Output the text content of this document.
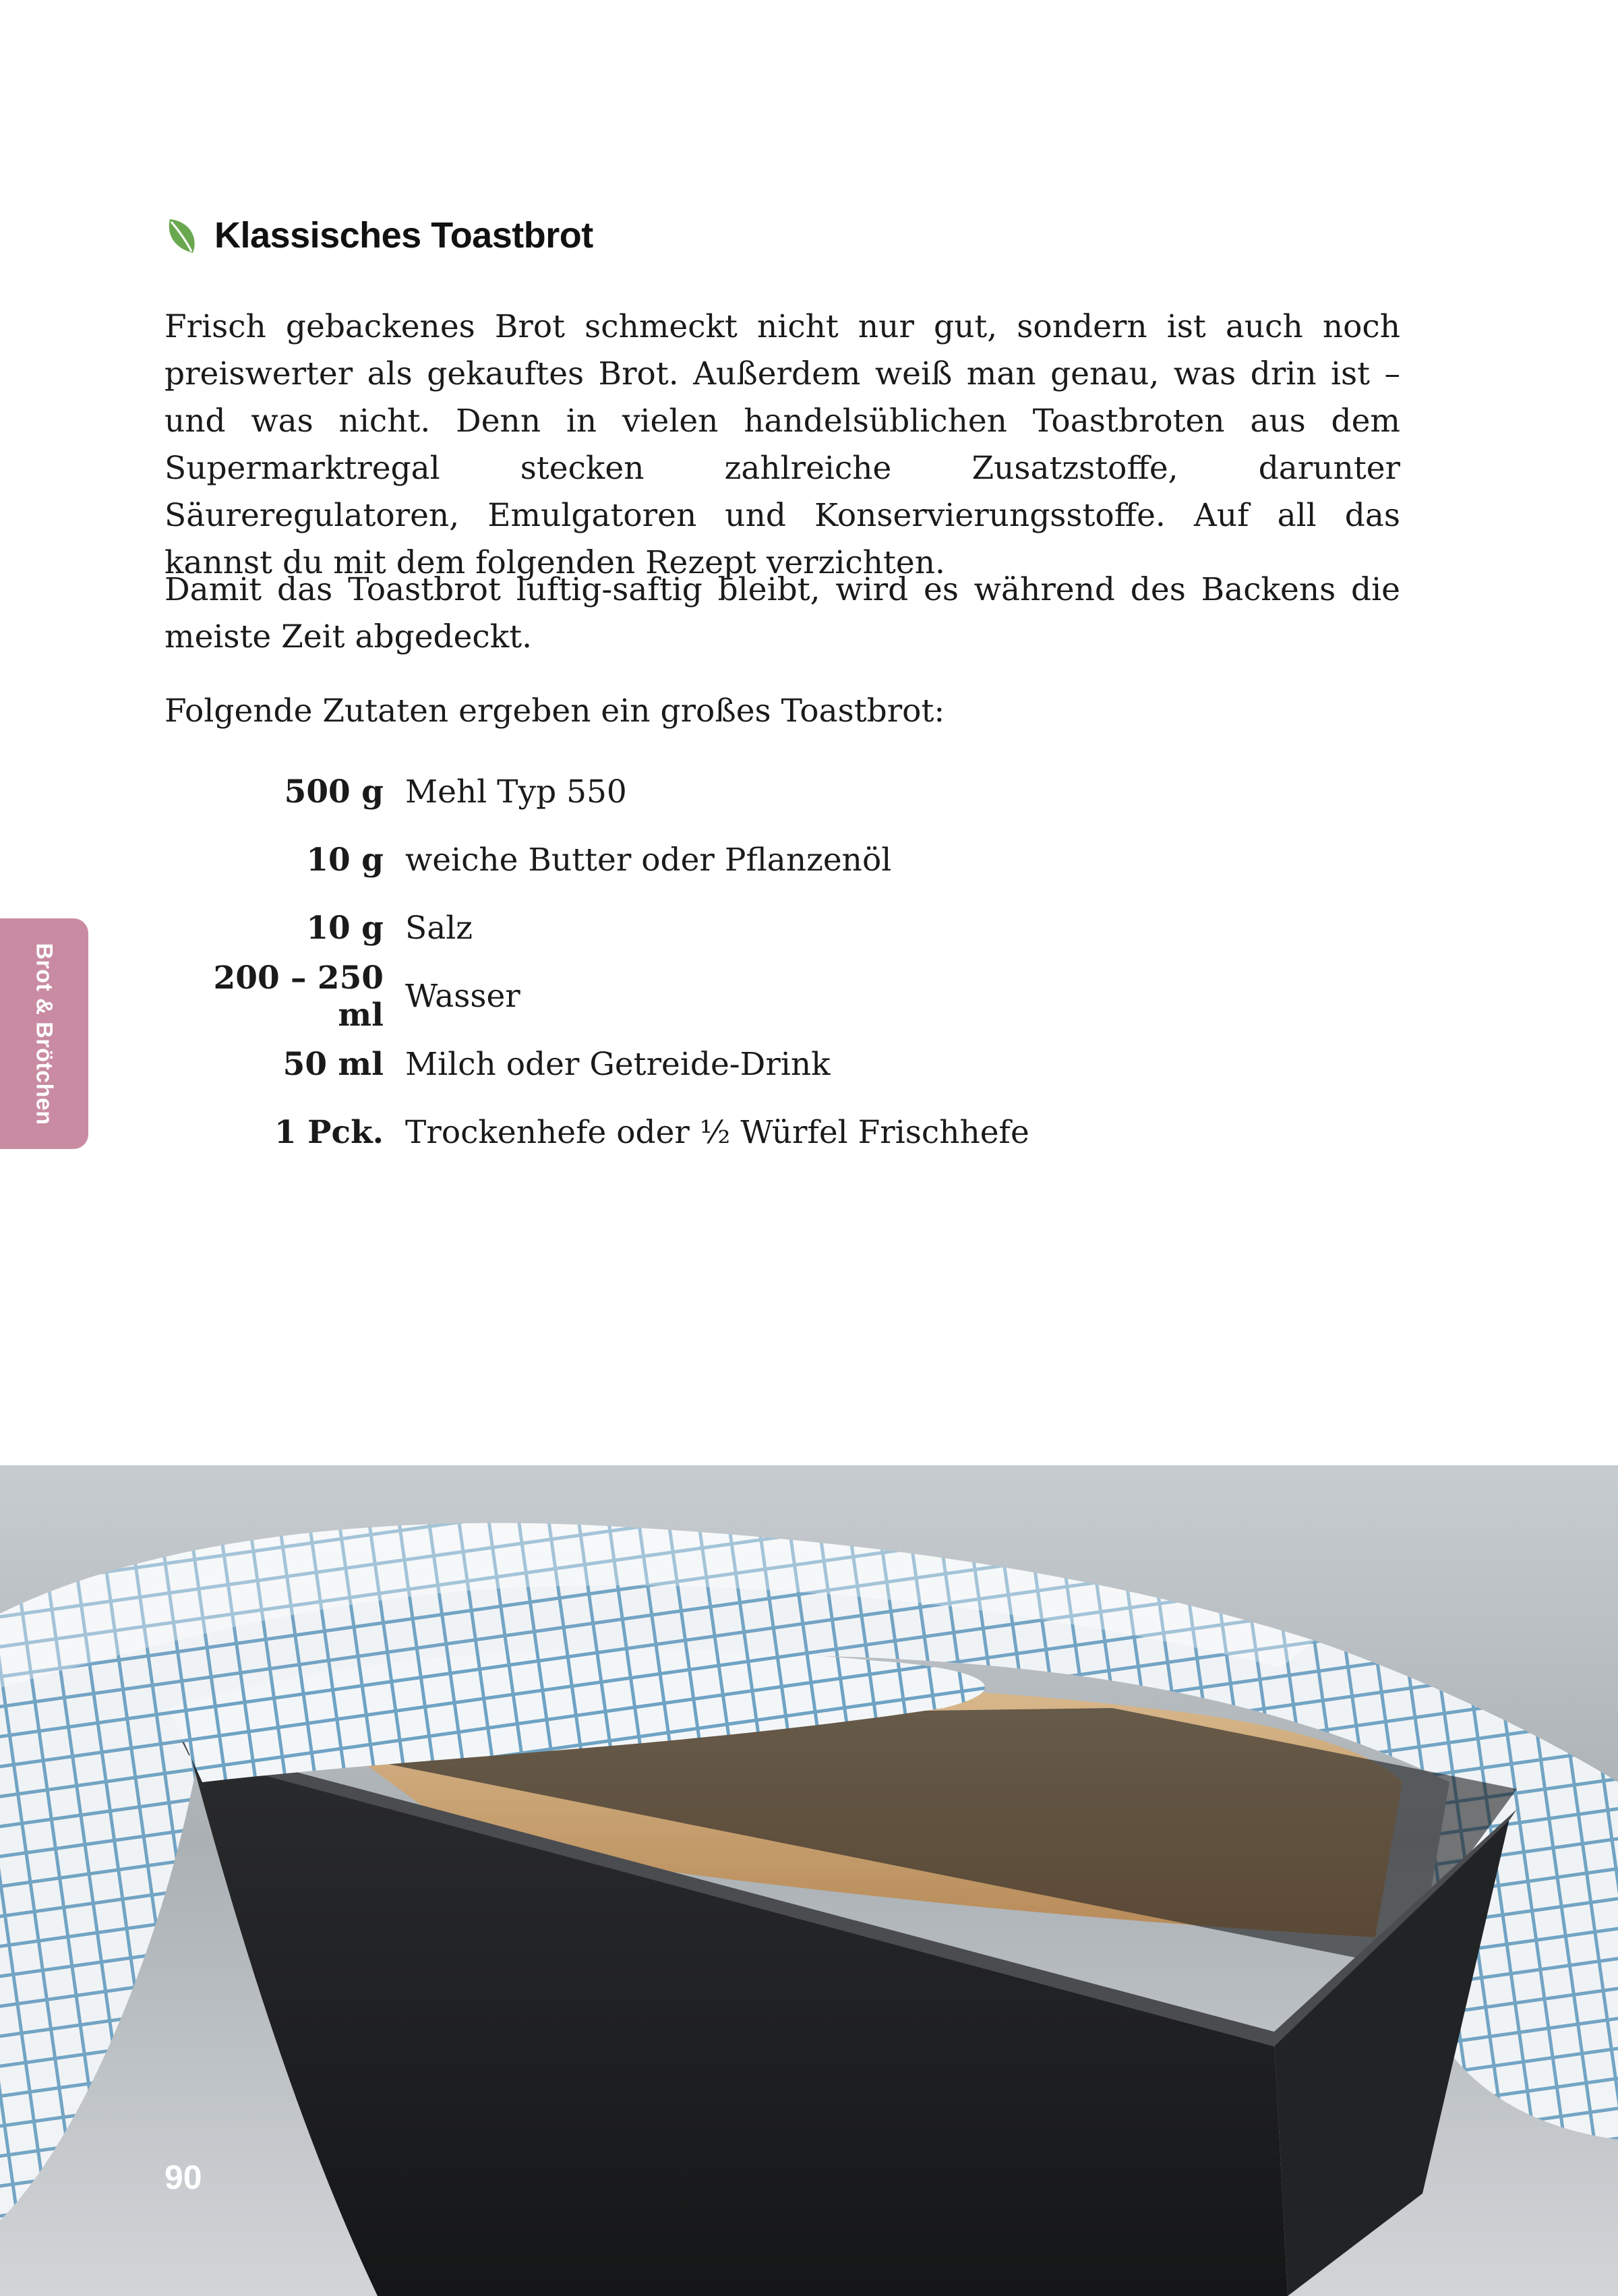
Klassisches Toastbrot

Frisch gebackenes Brot schmeckt nicht nur gut, sondern ist auch noch preiswerter als gekauftes Brot. Außerdem weiß man genau, was drin ist – und was nicht. Denn in vielen handelsüblichen Toastbroten aus dem Supermarktregal stecken zahlreiche Zusatzstoffe, darunter Säureregulatoren, Emulgatoren und Konservierungsstoffe. Auf all das kannst du mit dem folgenden Rezept verzichten.

Damit das Toastbrot luftig-saftig bleibt, wird es während des Backens die meiste Zeit abgedeckt.

Folgende Zutaten ergeben ein großes Toastbrot:

500 g Mehl Typ 550
10 g weiche Butter oder Pflanzenöl
10 g Salz
200 – 250 ml Wasser
50 ml Milch oder Getreide-Drink
1 Pck. Trockenhefe oder ½ Würfel Frischhefe
Brot & Brötchen
90
